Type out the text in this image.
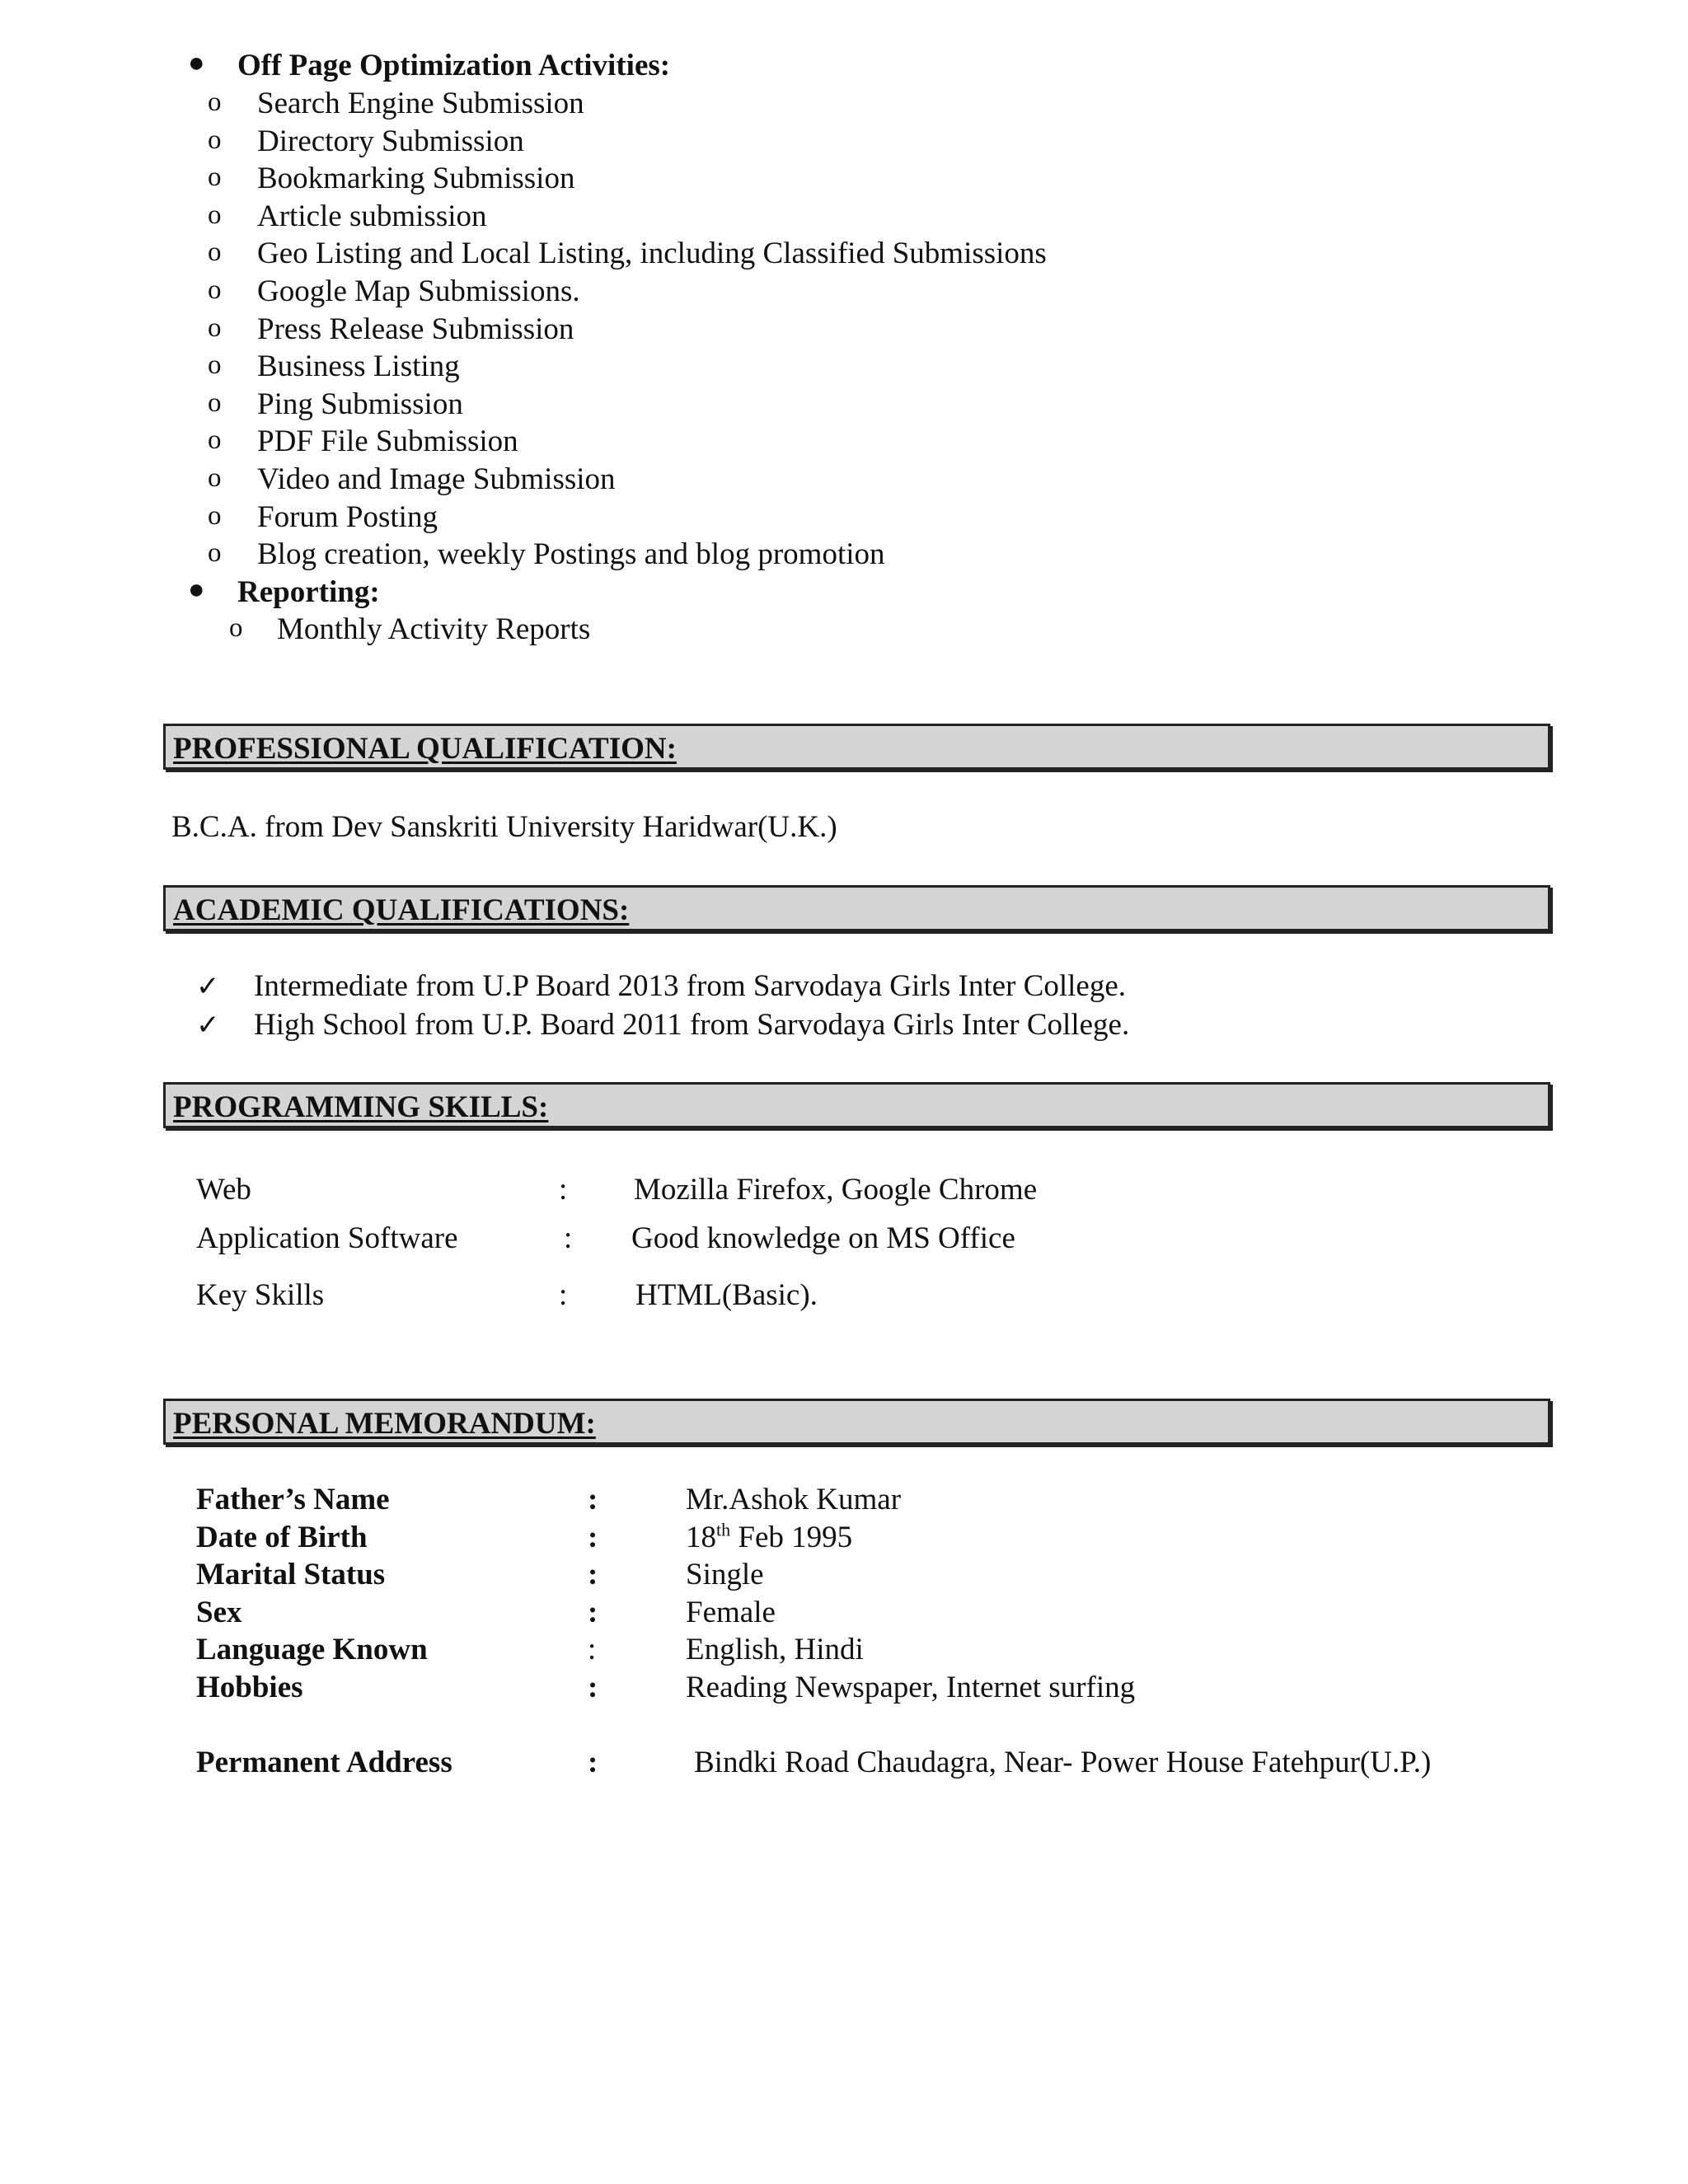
● Off Page Optimization Activities:
o Search Engine Submission
o Directory Submission
o Bookmarking Submission
o Article submission
o Geo Listing and Local Listing, including Classified Submissions
o Google Map Submissions.
o Press Release Submission
o Business Listing
o Ping Submission
o PDF File Submission
o Video and Image Submission
o Forum Posting
o Blog creation, weekly Postings and blog promotion
● Reporting:
o Monthly Activity Reports
PROFESSIONAL QUALIFICATION:
B.C.A. from Dev Sanskriti University Haridwar(U.K.)
ACADEMIC QUALIFICATIONS:
✓ Intermediate from U.P Board 2013 from Sarvodaya Girls Inter College.
✓ High School from U.P. Board 2011 from Sarvodaya Girls Inter College.
PROGRAMMING SKILLS:
Web	: Mozilla Firefox, Google Chrome
Application Software	: Good knowledge on MS Office
Key Skills	: HTML(Basic).
PERSONAL MEMORANDUM:
Father’s Name	:	Mr.Ashok Kumar
Date of Birth	:	18th Feb 1995
Marital Status	:	Single
Sex	:	Female
Language Known	:	English, Hindi
Hobbies	:	Reading Newspaper, Internet surfing
Permanent Address	:	Bindki Road Chaudagra, Near- Power House Fatehpur(U.P.)
